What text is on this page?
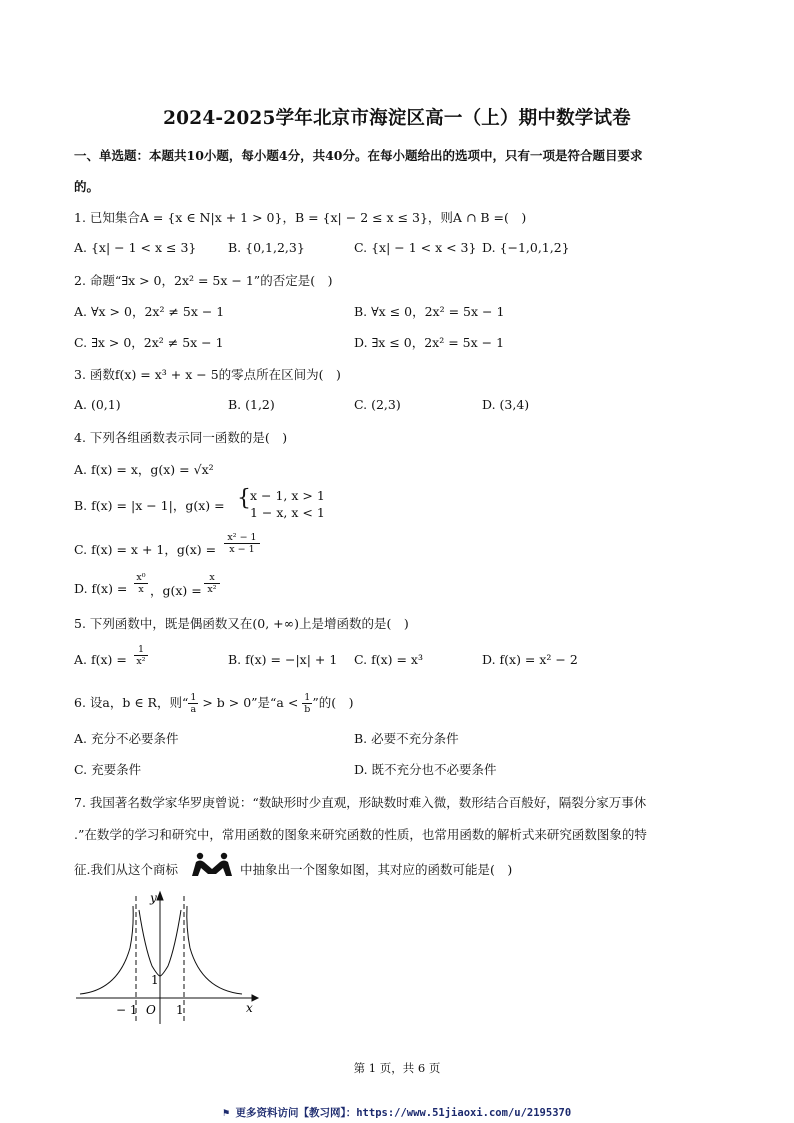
2024-2025学年北京市海淀区高一（上）期中数学试卷
一、单选题：本题共10小题，每小题4分，共40分。在每小题给出的选项中，只有一项是符合题目要求
的。
1. 已知集合A = {x ∈ N|x + 1 > 0}，B = {x| − 2 ≤ x ≤ 3}，则A ∩ B =(　)
A. {x| − 1 < x ≤ 3}	B. {0,1,2,3}	C. {x| − 1 < x < 3} D. {−1,0,1,2}
2. 命题“∃x > 0，2x² = 5x − 1”的否定是(　)
A. ∀x > 0，2x² ≠ 5x − 1	B. ∀x ≤ 0，2x² = 5x − 1
C. ∃x > 0，2x² ≠ 5x − 1	D. ∃x ≤ 0，2x² = 5x − 1
3. 函数f(x) = x³ + x − 5的零点所在区间为(　)
A. (0,1)	B. (1,2)	C. (2,3)	D. (3,4)
4. 下列各组函数表示同一函数的是(　)
A. f(x) = x，g(x) = √x²
B. f(x) = |x − 1|，g(x) = { x − 1, x > 1
1 − x, x < 1
C. f(x) = x + 1，$g(x) = \frac{\text{x² − 1}}{x - 1}$
D. $f(x) = \frac{\text{x⁰}}{x}$ ，$g(x) = \frac{x}{\text{x²}}$
5. 下列函数中，既是偶函数又在(0, +∞)上是增函数的是(　)
A. $f(x) = \frac{1}{\text{x²}}$	B. f(x) = −|x| + 1 C. f(x) = x³	D. f(x) = x² − 2
6. 设a，b ∈ R，则“ $\frac{1}{a} > b > 0$”是“$a < \frac{1}{b}$ ”的(　)
A. 充分不必要条件	B. 必要不充分条件
C. 充要条件	D. 既不充分也不必要条件
7. 我国著名数学家华罗庚曾说：“数缺形时少直观，形缺数时难入微，数形结合百般好，隔裂分家万事休
.”在数学的学习和研究中，常用函数的图象来研究函数的性质，也常用函数的解析式来研究函数图象的特
征.我们从这个商标	中抽象出一个图象如图，其对应的函数可能是(　)
y
x
O
− 1	1
1
第 1 页，共 6 页
⚑ 更多资料访问【教习网】：https://www.51jiaoxi.com/u/2195370
